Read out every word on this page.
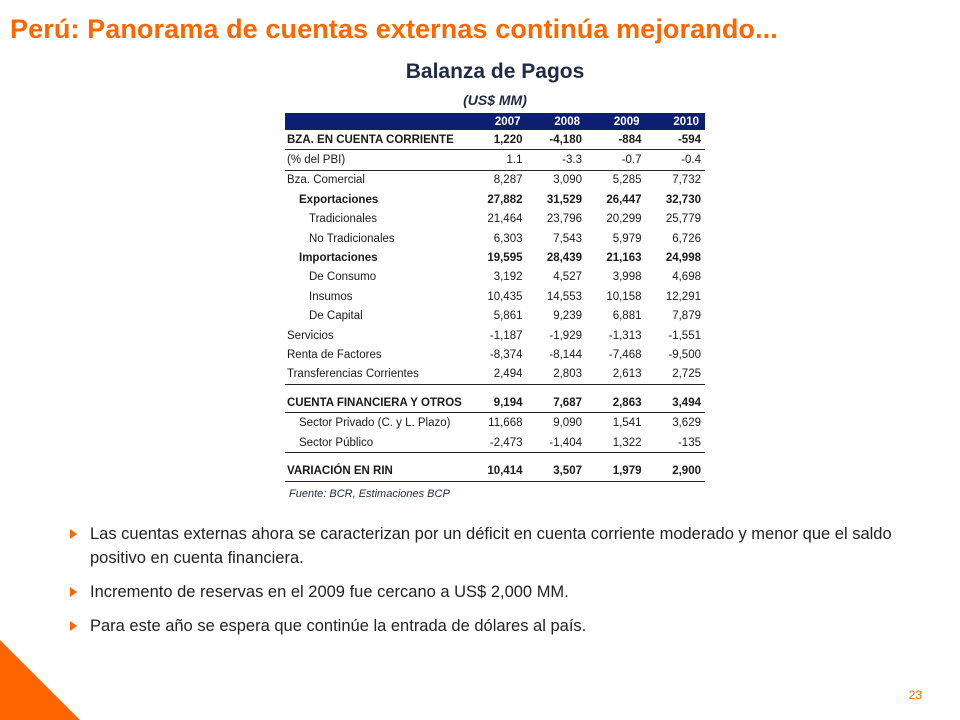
Perú: Panorama de cuentas externas continúa mejorando...
Balanza de Pagos
(US$ MM)
	2007	2008	2009	2010
BZA. EN CUENTA CORRIENTE	1,220	-4,180	-884	-594
(% del PBI)	1.1	-3.3	-0.7	-0.4
Bza. Comercial	8,287	3,090	5,285	7,732
Exportaciones	27,882	31,529	26,447	32,730
Tradicionales	21,464	23,796	20,299	25,779
No Tradicionales	6,303	7,543	5,979	6,726
Importaciones	19,595	28,439	21,163	24,998
De Consumo	3,192	4,527	3,998	4,698
Insumos	10,435	14,553	10,158	12,291
De Capital	5,861	9,239	6,881	7,879
Servicios	-1,187	-1,929	-1,313	-1,551
Renta de Factores	-8,374	-8,144	-7,468	-9,500
Transferencias Corrientes	2,494	2,803	2,613	2,725

CUENTA FINANCIERA Y OTROS	9,194	7,687	2,863	3,494
Sector Privado (C. y L. Plazo)	11,668	9,090	1,541	3,629
Sector Público	-2,473	-1,404	1,322	-135

VARIACIÓN EN RIN	10,414	3,507	1,979	2,900
Fuente: BCR, Estimaciones BCP				
Las cuentas externas ahora se caracterizan por un déficit en cuenta corriente moderado y menor que el saldo positivo en cuenta financiera.
Incremento de reservas en el 2009 fue cercano a US$ 2,000 MM.
Para este año se espera que continúe la entrada de dólares al país.
23
